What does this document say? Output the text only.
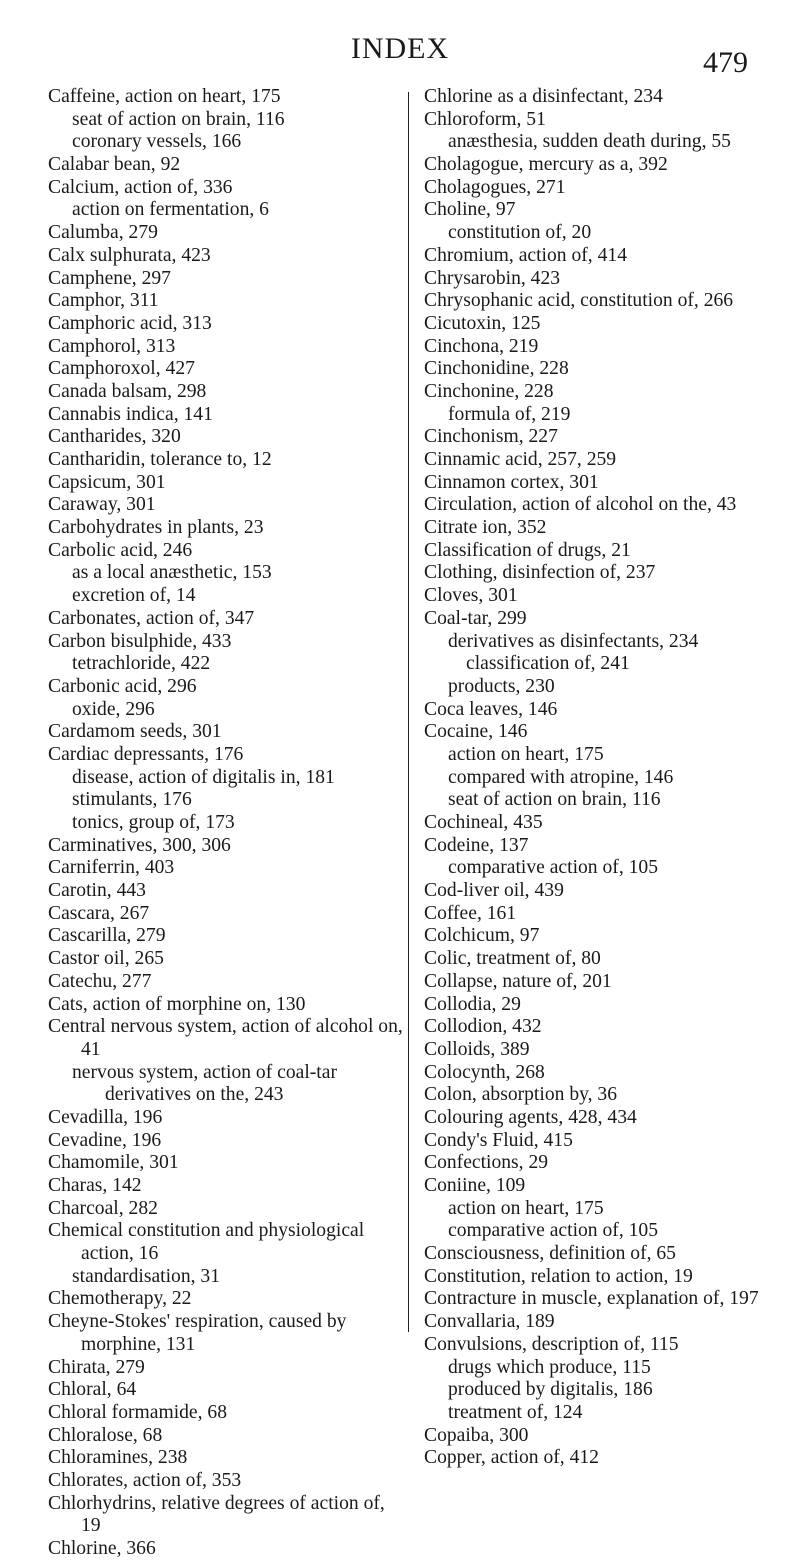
INDEX	479
Caffeine, action on heart, 175
seat of action on brain, 116
coronary vessels, 166
Calabar bean, 92
Calcium, action of, 336
action on fermentation, 6
Calumba, 279
Calx sulphurata, 423
Camphene, 297
Camphor, 311
Camphoric acid, 313
Camphorol, 313
Camphoroxol, 427
Canada balsam, 298
Cannabis indica, 141
Cantharides, 320
Cantharidin, tolerance to, 12
Capsicum, 301
Caraway, 301
Carbohydrates in plants, 23
Carbolic acid, 246
as a local anæsthetic, 153
excretion of, 14
Carbonates, action of, 347
Carbon bisulphide, 433
tetrachloride, 422
Carbonic acid, 296
oxide, 296
Cardamom seeds, 301
Cardiac depressants, 176
disease, action of digitalis in, 181
stimulants, 176
tonics, group of, 173
Carminatives, 300, 306
Carniferrin, 403
Carotin, 443
Cascara, 267
Cascarilla, 279
Castor oil, 265
Catechu, 277
Cats, action of morphine on, 130
Central nervous system, action of alcohol on, 41
nervous system, action of coal-tar derivatives on the, 243
Cevadilla, 196
Cevadine, 196
Chamomile, 301
Charas, 142
Charcoal, 282
Chemical constitution and physiological action, 16
standardisation, 31
Chemotherapy, 22
Cheyne-Stokes' respiration, caused by morphine, 131
Chirata, 279
Chloral, 64
Chloral formamide, 68
Chloralose, 68
Chloramines, 238
Chlorates, action of, 353
Chlorhydrins, relative degrees of action of, 19
Chlorine, 366
Chlorine as a disinfectant, 234
Chloroform, 51
anæsthesia, sudden death during, 55
Cholagogue, mercury as a, 392
Cholagogues, 271
Choline, 97
constitution of, 20
Chromium, action of, 414
Chrysarobin, 423
Chrysophanic acid, constitution of, 266
Cicutoxin, 125
Cinchona, 219
Cinchonidine, 228
Cinchonine, 228
formula of, 219
Cinchonism, 227
Cinnamic acid, 257, 259
Cinnamon cortex, 301
Circulation, action of alcohol on the, 43
Citrate ion, 352
Classification of drugs, 21
Clothing, disinfection of, 237
Cloves, 301
Coal-tar, 299
derivatives as disinfectants, 234
classification of, 241
products, 230
Coca leaves, 146
Cocaine, 146
action on heart, 175
compared with atropine, 146
seat of action on brain, 116
Cochineal, 435
Codeine, 137
comparative action of, 105
Cod-liver oil, 439
Coffee, 161
Colchicum, 97
Colic, treatment of, 80
Collapse, nature of, 201
Collodia, 29
Collodion, 432
Colloids, 389
Colocynth, 268
Colon, absorption by, 36
Colouring agents, 428, 434
Condy's Fluid, 415
Confections, 29
Coniine, 109
action on heart, 175
comparative action of, 105
Consciousness, definition of, 65
Constitution, relation to action, 19
Contracture in muscle, explanation of, 197
Convallaria, 189
Convulsions, description of, 115
drugs which produce, 115
produced by digitalis, 186
treatment of, 124
Copaiba, 300
Copper, action of, 412
